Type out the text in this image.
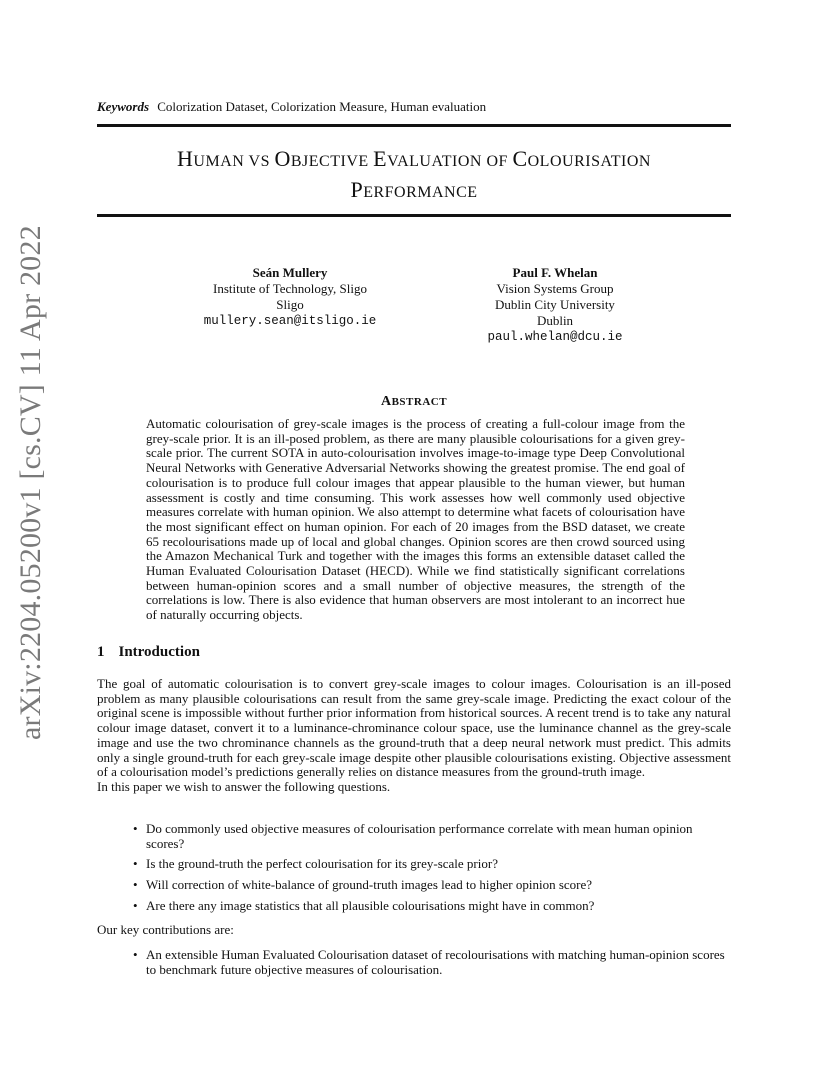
arXiv:2204.05200v1 [cs.CV] 11 Apr 2022
Keywords Colorization Dataset, Colorization Measure, Human evaluation
HUMAN VS OBJECTIVE EVALUATION OF COLOURISATION
PERFORMANCE
Seán Mullery
Institute of Technology, Sligo
Sligo
mullery.sean@itsligo.ie
Paul F. Whelan
Vision Systems Group
Dublin City University
Dublin
paul.whelan@dcu.ie
ABSTRACT
Automatic colourisation of grey-scale images is the process of creating a full-colour image from the grey-scale prior. It is an ill-posed problem, as there are many plausible colourisations for a given grey-scale prior. The current SOTA in auto-colourisation involves image-to-image type Deep Convolutional Neural Networks with Generative Adversarial Networks showing the greatest promise. The end goal of colourisation is to produce full colour images that appear plausible to the human viewer, but human assessment is costly and time consuming. This work assesses how well commonly used objective measures correlate with human opinion. We also attempt to determine what facets of colourisation have the most significant effect on human opinion. For each of 20 images from the BSD dataset, we create 65 recolourisations made up of local and global changes. Opinion scores are then crowd sourced using the Amazon Mechanical Turk and together with the images this forms an extensible dataset called the Human Evaluated Colourisation Dataset (HECD). While we find statistically significant correlations between human-opinion scores and a small number of objective measures, the strength of the correlations is low. There is also evidence that human observers are most intolerant to an incorrect hue of naturally occurring objects.
1 Introduction

The goal of automatic colourisation is to convert grey-scale images to colour images. Colourisation is an ill-posed problem as many plausible colourisations can result from the same grey-scale image. Predicting the exact colour of the original scene is impossible without further prior information from historical sources. A recent trend is to take any natural colour image dataset, convert it to a luminance-chrominance colour space, use the luminance channel as the grey-scale image and use the two chrominance channels as the ground-truth that a deep neural network must predict. This admits only a single ground-truth for each grey-scale image despite other plausible colourisations existing. Objective assessment of a colourisation model’s predictions generally relies on distance measures from the ground-truth image.

In this paper we wish to answer the following questions.

• Do commonly used objective measures of colourisation performance correlate with mean human opinion scores?
• Is the ground-truth the perfect colourisation for its grey-scale prior?
• Will correction of white-balance of ground-truth images lead to higher opinion score?
• Are there any image statistics that all plausible colourisations might have in common?
Our key contributions are:
• An extensible Human Evaluated Colourisation dataset of recolourisations with matching human-opinion scores to benchmark future objective measures of colourisation.
